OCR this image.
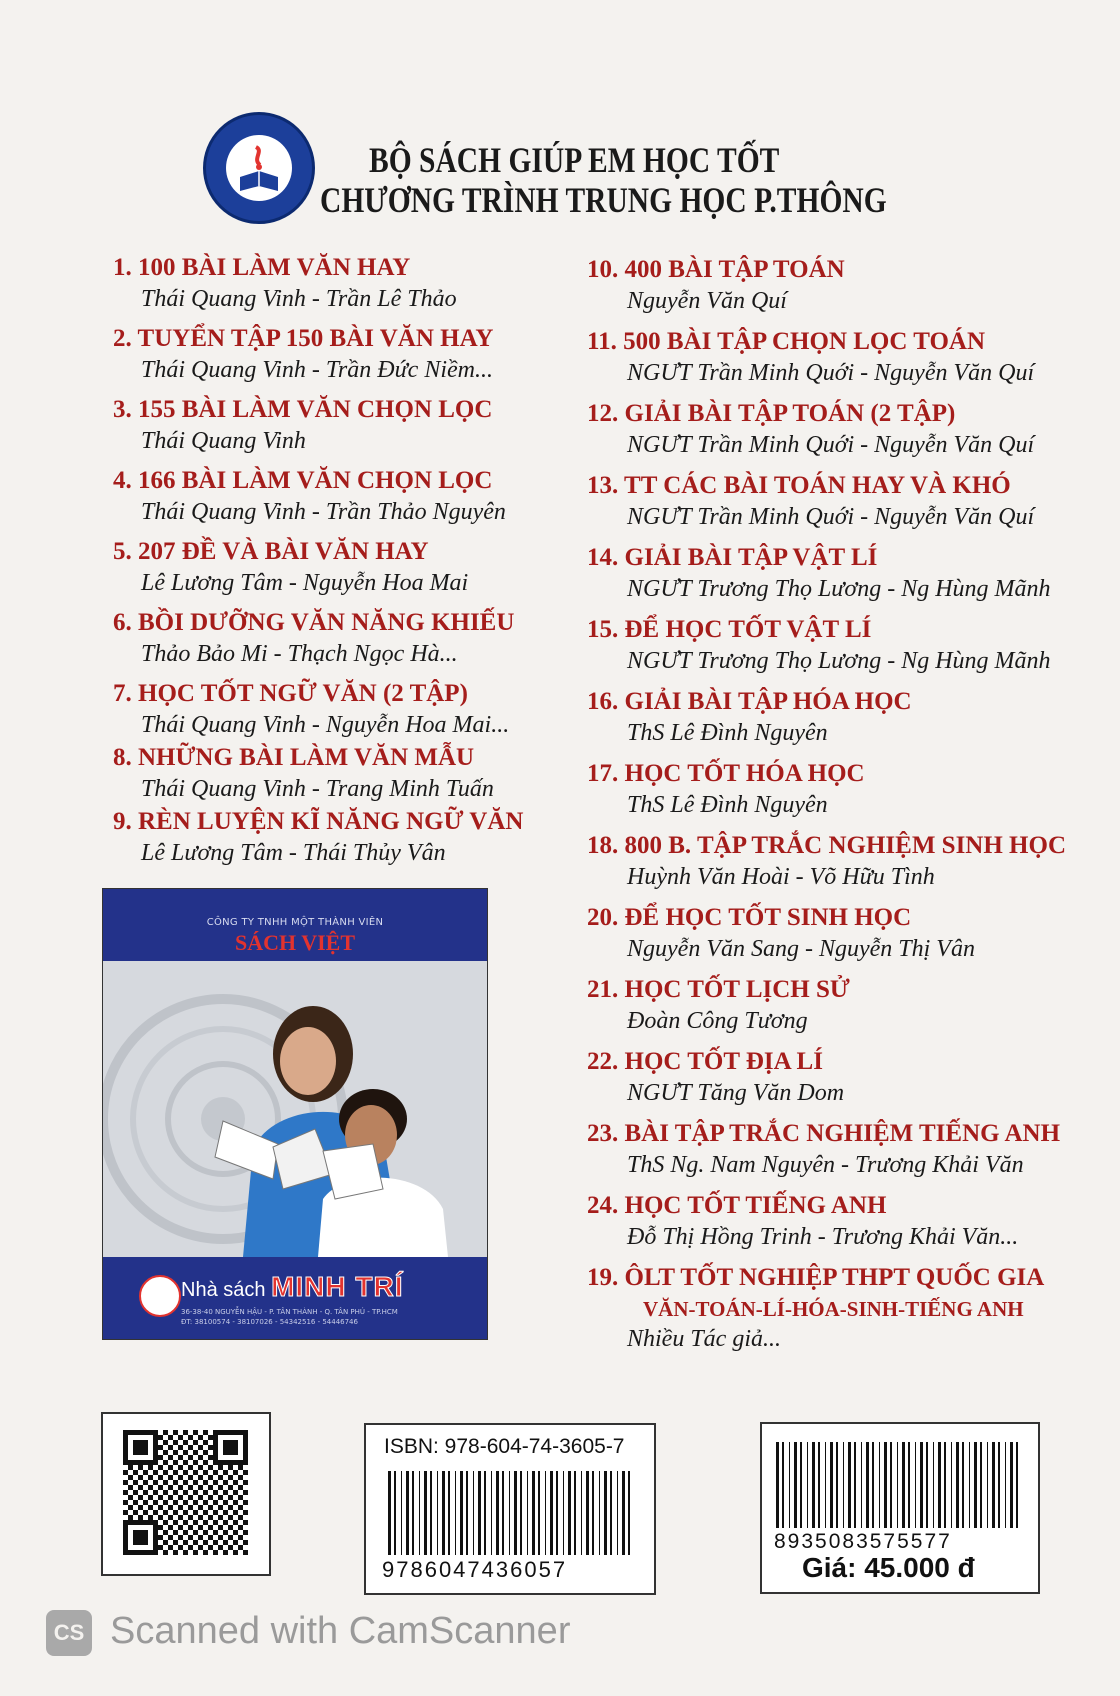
BỘ SÁCH GIÚP EM HỌC TỐT
CHƯƠNG TRÌNH TRUNG HỌC P.THÔNG
1. 100 BÀI LÀM VĂN HAY
Thái Quang Vinh - Trần Lê Thảo
2. TUYỂN TẬP 150 BÀI VĂN HAY
Thái Quang Vinh - Trần Đức Niềm...
3. 155 BÀI LÀM VĂN CHỌN LỌC
Thái Quang Vinh
4. 166 BÀI LÀM VĂN CHỌN LỌC
Thái Quang Vinh - Trần Thảo Nguyên
5. 207 ĐỀ VÀ BÀI VĂN HAY
Lê Lương Tâm - Nguyễn Hoa Mai
6. BỒI DƯỠNG VĂN NĂNG KHIẾU
Thảo Bảo Mi - Thạch Ngọc Hà...
7. HỌC TỐT NGỮ VĂN (2 TẬP)
Thái Quang Vinh - Nguyễn Hoa Mai...
8. NHỮNG BÀI LÀM VĂN MẪU
Thái Quang Vinh - Trang Minh Tuấn
9. RÈN LUYỆN KĨ NĂNG NGỮ VĂN
Lê Lương Tâm - Thái Thủy Vân
10. 400 BÀI TẬP TOÁN
Nguyễn Văn Quí
11. 500 BÀI TẬP CHỌN LỌC TOÁN
NGƯT Trần Minh Quới - Nguyễn Văn Quí
12. GIẢI BÀI TẬP TOÁN (2 TẬP)
NGƯT Trần Minh Quới - Nguyễn Văn Quí
13. TT CÁC BÀI TOÁN HAY VÀ KHÓ
NGƯT Trần Minh Quới - Nguyễn Văn Quí
14. GIẢI BÀI TẬP VẬT LÍ
NGƯT Trương Thọ Lương - Ng Hùng Mãnh
15. ĐỂ HỌC TỐT VẬT LÍ
NGƯT Trương Thọ Lương - Ng Hùng Mãnh
16. GIẢI BÀI TẬP HÓA HỌC
ThS Lê Đình Nguyên
17. HỌC TỐT HÓA HỌC
ThS Lê Đình Nguyên
18. 800 B. TẬP TRẮC NGHIỆM SINH HỌC
Huỳnh Văn Hoài - Võ Hữu Tình
20. ĐỂ HỌC TỐT SINH HỌC
Nguyễn Văn Sang - Nguyễn Thị Vân
21. HỌC TỐT LỊCH SỬ
Đoàn Công Tương
22. HỌC TỐT ĐỊA LÍ
NGƯT Tăng Văn Dom
23. BÀI TẬP TRẮC NGHIỆM TIẾNG ANH
ThS Ng. Nam Nguyên - Trương Khải Văn
24. HỌC TỐT TIẾNG ANH
Đỗ Thị Hồng Trinh - Trương Khải Văn...
19. ÔLT TỐT NGHIỆP THPT QUỐC GIA
VĂN-TOÁN-LÍ-HÓA-SINH-TIẾNG ANH
Nhiều Tác giả...
CÔNG TY TNHH MỘT THÀNH VIÊN
SÁCH VIỆT
Nhà sách MINH TRÍ
36-38-40 NGUYỄN HẬU - P. TÂN THÀNH - Q. TÂN PHÚ - TP.HCM
ĐT: 38100574 - 38107026 - 54342516 - 54446746
ISBN: 978-604-74-3605-7
9786047436057
8935083575577
Giá: 45.000 đ
CS Scanned with CamScanner
